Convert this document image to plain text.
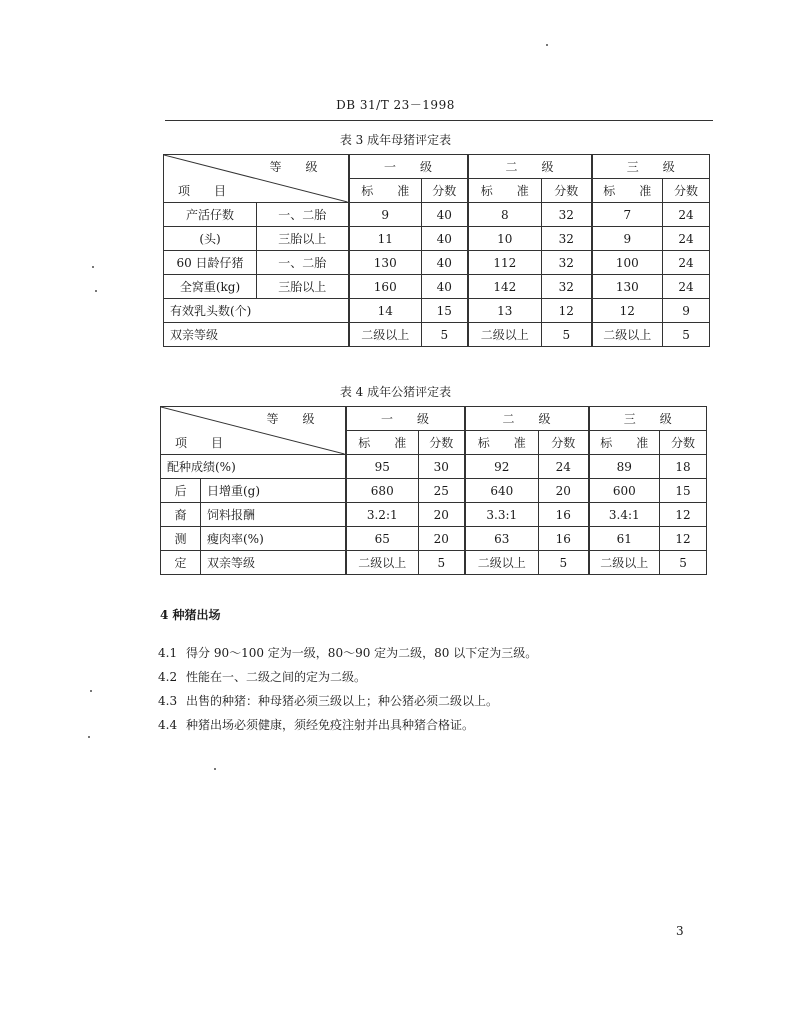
DB 31/T 23－1998
表 3 成年母猪评定表
等　　级
项　　目		一　　级		二　　级		三　　级	
		标　　准	分数	标　　准	分数	标　　准	分数
产活仔数	一、二胎	9	40	8	32	7	24
(头)	三胎以上	11	40	10	32	9	24
60 日龄仔猪	一、二胎	130	40	112	32	100	24
全窝重(kg)	三胎以上	160	40	142	32	130	24
有效乳头数(个)		14	15	13	12	12	9
双亲等级		二级以上	5	二级以上	5	二级以上	5
表 4 成年公猪评定表
等　　级
项　　目		一　　级		二　　级		三　　级	
		标　　准	分数	标　　准	分数	标　　准	分数
配种成绩(%)		95	30	92	24	89	18
后	日增重(g)	680	25	640	20	600	15
裔	饲料报酬	3.2:1	20	3.3:1	16	3.4:1	12
测	瘦肉率(%)	65	20	63	16	61	12
定	双亲等级	二级以上	5	二级以上	5	二级以上	5
4 种猪出场
4.1 得分 90～100 定为一级，80～90 定为二级，80 以下定为三级。
4.2 性能在一、二级之间的定为二级。
4.3 出售的种猪：种母猪必须三级以上；种公猪必须二级以上。
4.4 种猪出场必须健康，须经免疫注射并出具种猪合格证。
3
